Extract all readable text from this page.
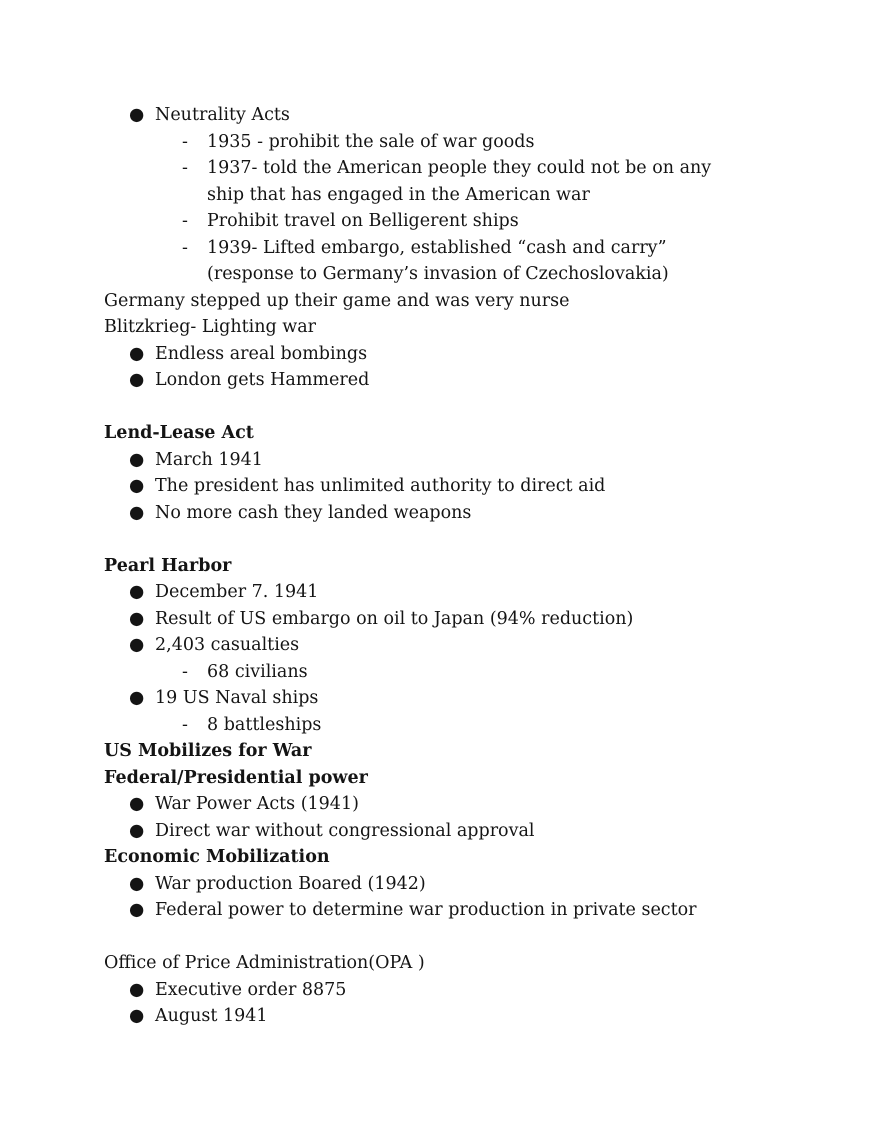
● Neutrality Acts
- 1935 - prohibit the sale of war goods
- 1937- told the American people they could not be on any ship that has engaged in the American war
- Prohibit travel on Belligerent ships
- 1939- Lifted embargo, established “cash and carry” (response to Germany’s invasion of Czechoslovakia)
Germany stepped up their game and was very nurse
Blitzkrieg- Lighting war
● Endless areal bombings
● London gets Hammered
Lend-Lease Act
● March 1941
● The president has unlimited authority to direct aid
● No more cash they landed weapons
Pearl Harbor
● December 7. 1941
● Result of US embargo on oil to Japan (94% reduction)
● 2,403 casualties
- 68 civilians
● 19 US Naval ships
- 8 battleships
US Mobilizes for War
Federal/Presidential power
● War Power Acts (1941)
● Direct war without congressional approval
Economic Mobilization
● War production Boared (1942)
● Federal power to determine war production in private sector
Office of Price Administration(OPA )
● Executive order 8875
● August 1941
